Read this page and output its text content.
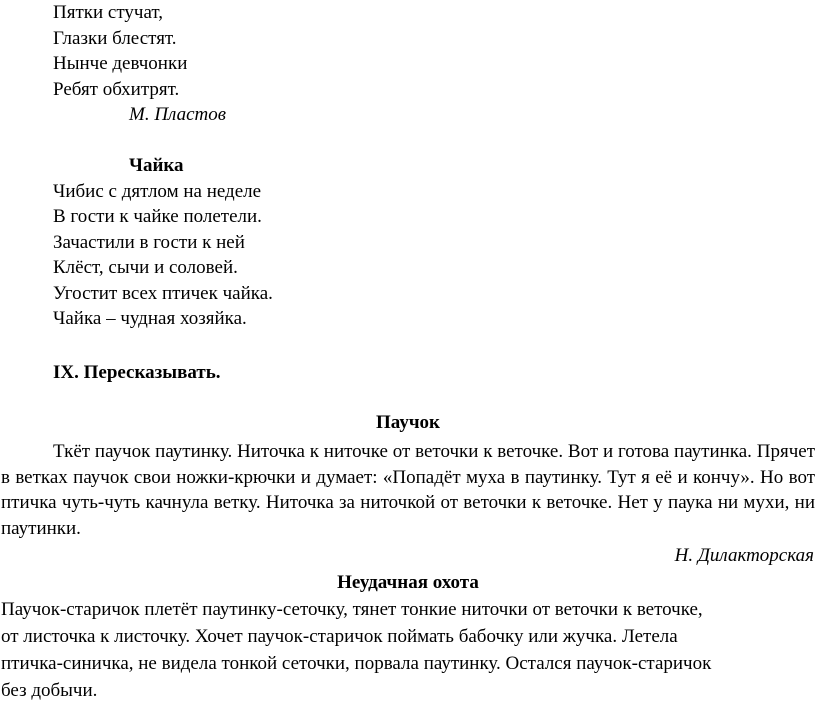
Пятки стучат,
Глазки блестят.
Нынче девчонки
Ребят обхитрят.
М. Пластов
Чайка
Чибис с дятлом на неделе
В гости к чайке полетели.
Зачастили в гости к ней
Клёст, сычи и соловей.
Угостит всех птичек чайка.
Чайка – чудная хозяйка.
IX. Пересказывать.
Паучок
Ткёт паучок паутинку. Ниточка к ниточке от веточки к веточке. Вот и готова паутинка. Прячет в ветках паучок свои ножки-крючки и думает: «Попадёт муха в паутинку. Тут я её и кончу». Но вот птичка чуть-чуть качнула ветку. Ниточка за ниточкой от веточки к веточке. Нет у паука ни мухи, ни паутинки.
Н. Дилакторская
Неудачная охота
Паучок-старичок плетёт паутинку-сеточку, тянет тонкие ниточки от веточки к веточке,
от листочка к листочку. Хочет паучок-старичок поймать бабочку или жучка. Летела
птичка-синичка, не видела тонкой сеточки, порвала паутинку. Остался паучок-старичок
без добычи.
